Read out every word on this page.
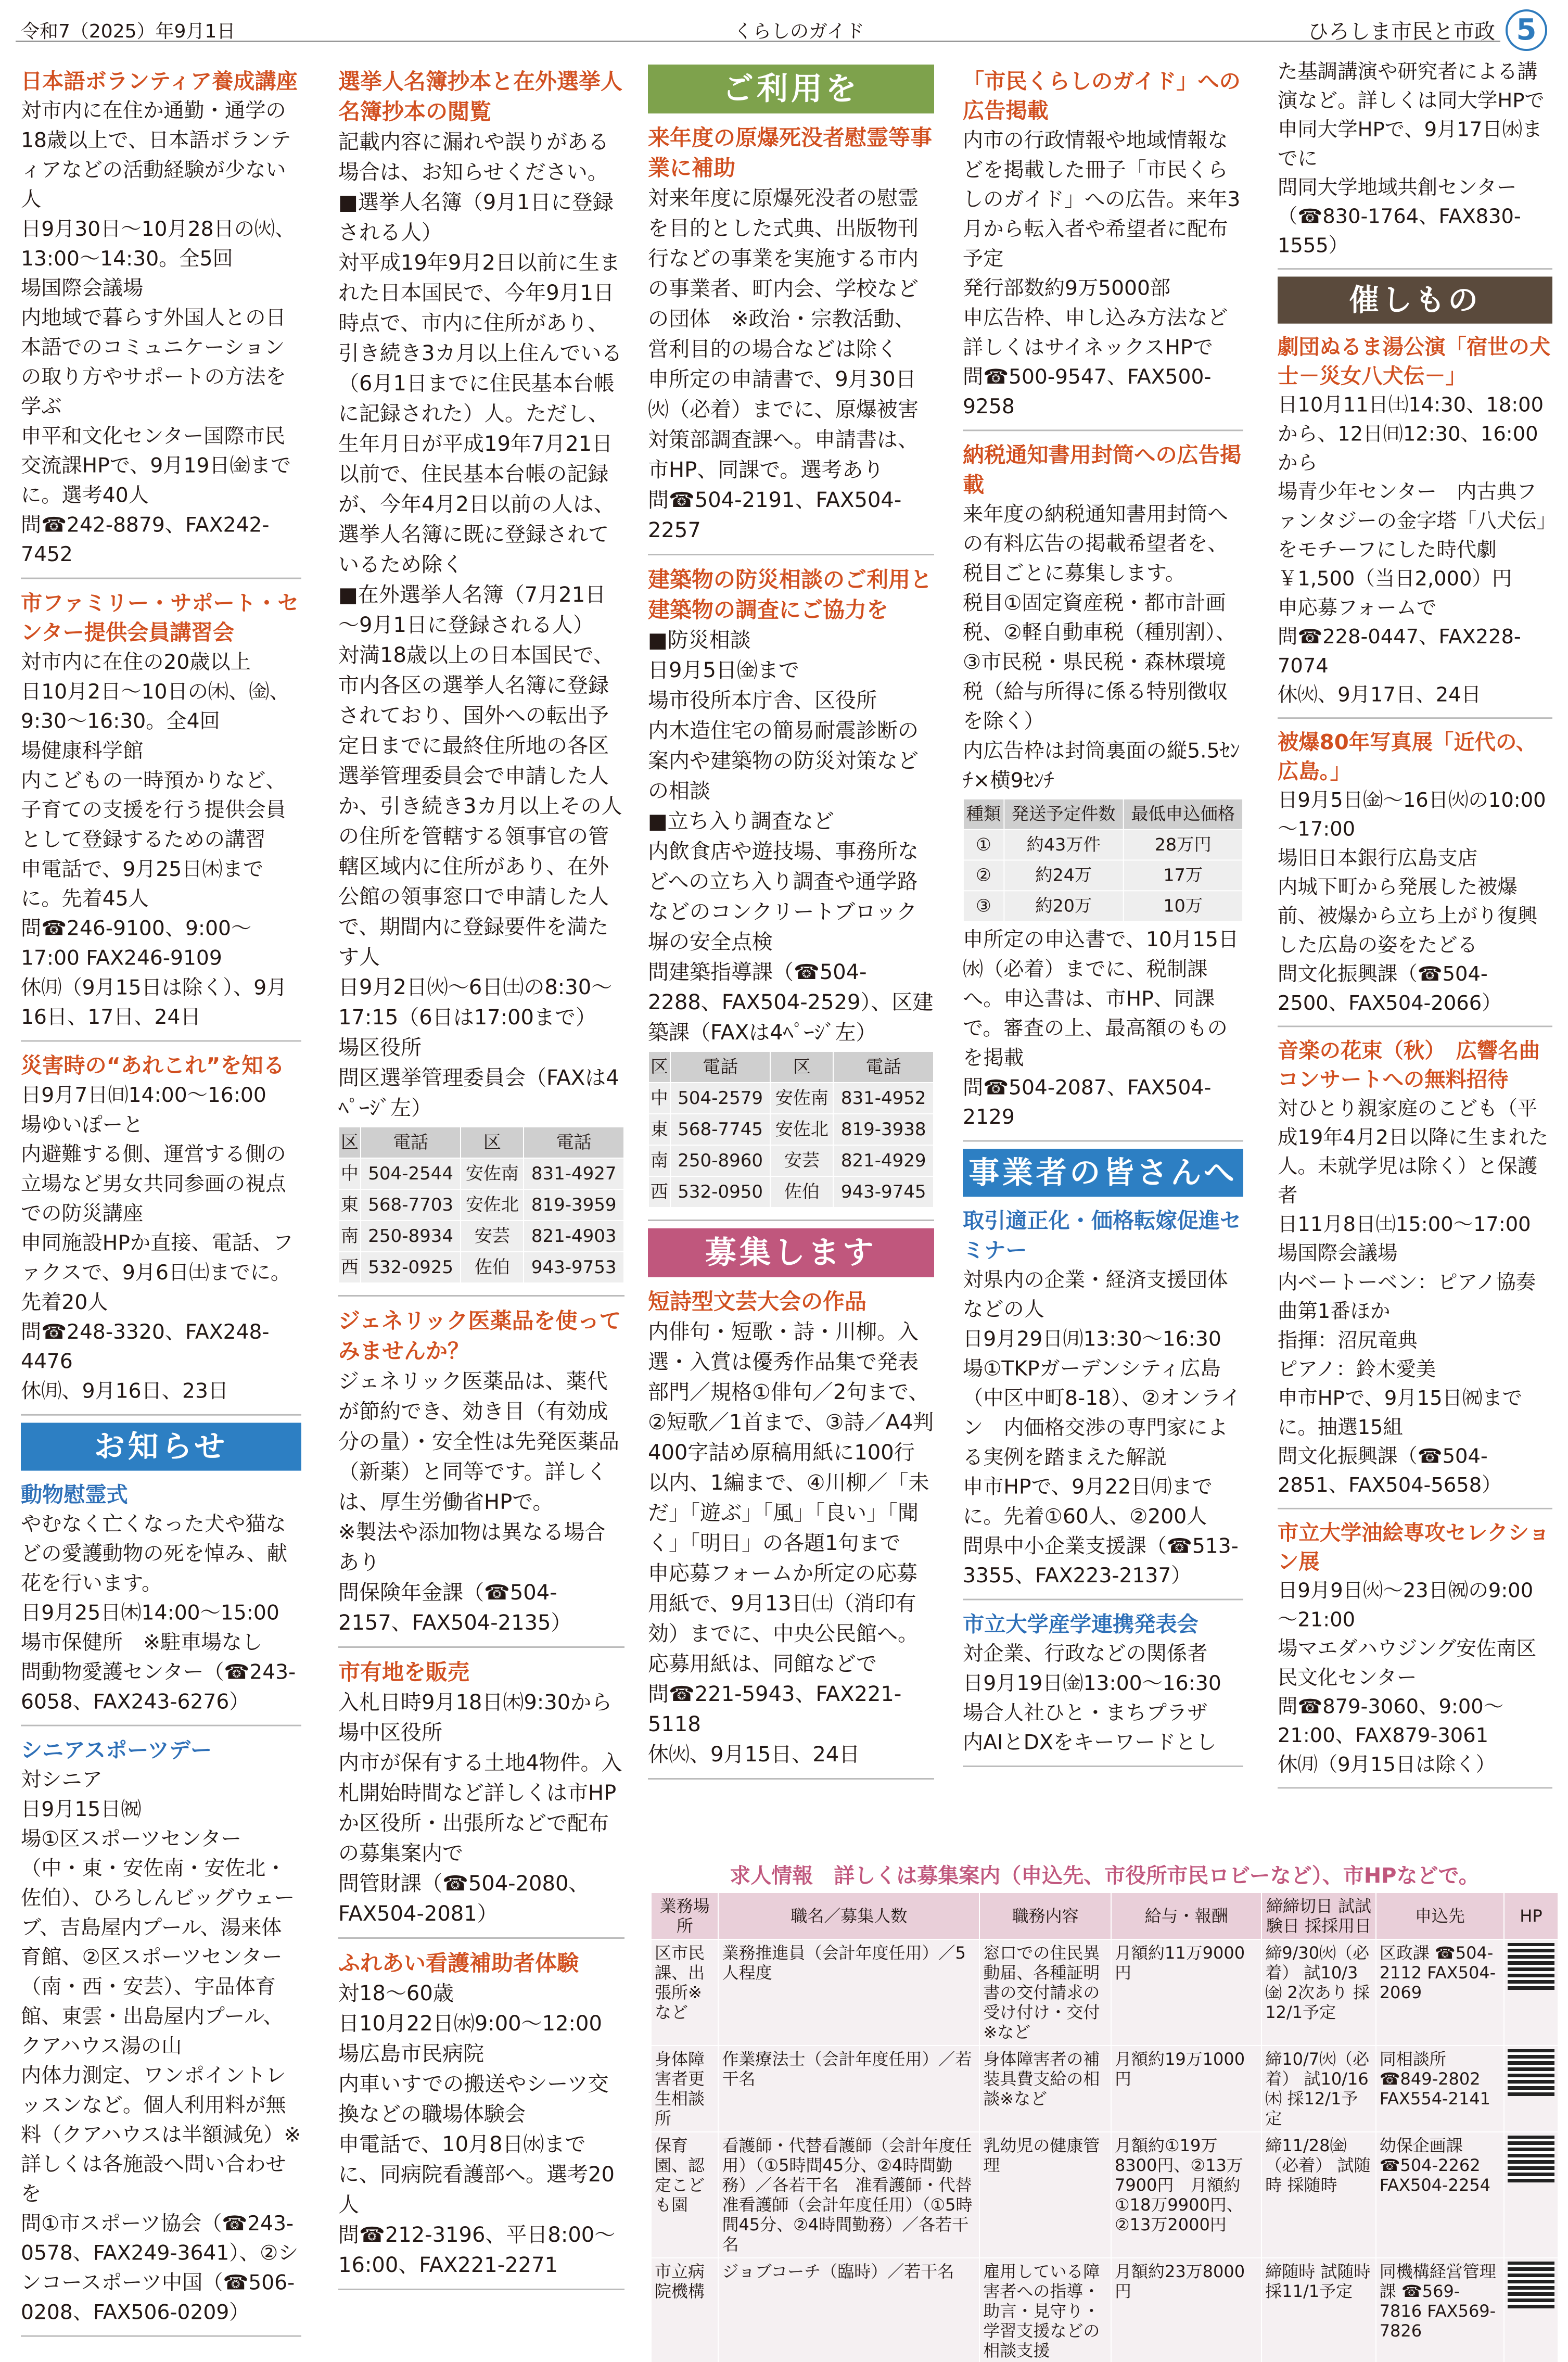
令和7（2025）年9月1日	くらしのガイド	ひろしま市民と市政 5
日本語ボランティア養成講座
対市内に在住か通勤・通学の18歳以上で、日本語ボランティアなどの活動経験が少ない人
日9月30日～10月28日の㈫、13:00～14:30。全5回
場国際会議場
内地域で暮らす外国人との日本語でのコミュニケーションの取り方やサポートの方法を学ぶ
申平和文化センター国際市民交流課HPで、9月19日㈮までに。選考40人
問☎242-8879、FAX242-7452
市ファミリー・サポート・センター提供会員講習会
対市内に在住の20歳以上
日10月2日～10日の㈭、㈮、9:30～16:30。全4回
場健康科学館
内こどもの一時預かりなど、子育ての支援を行う提供会員として登録するための講習
申電話で、9月25日㈭までに。先着45人
問☎246-9100、9:00～17:00 FAX246-9109
休㈪（9月15日は除く）、9月16日、17日、24日
災害時の“あれこれ”を知る
日9月7日㈰14:00～16:00
場ゆいぽーと
内避難する側、運営する側の立場など男女共同参画の視点での防災講座
申同施設HPか直接、電話、ファクスで、9月6日㈯までに。先着20人
問☎248-3320、FAX248-4476
休㈪、9月16日、23日
お知らせ
動物慰霊式
やむなく亡くなった犬や猫などの愛護動物の死を悼み、献花を行います。
日9月25日㈭14:00～15:00
場市保健所　※駐車場なし
問動物愛護センター（☎243-6058、FAX243-6276）
シニアスポーツデー
対シニア
日9月15日㈷
場①区スポーツセンター（中・東・安佐南・安佐北・佐伯）、ひろしんビッグウェーブ、吉島屋内プール、湯来体育館、②区スポーツセンター（南・西・安芸）、宇品体育館、東雲・出島屋内プール、クアハウス湯の山
内体力測定、ワンポイントレッスンなど。個人利用料が無料（クアハウスは半額減免）※詳しくは各施設へ問い合わせを
問①市スポーツ協会（☎243-0578、FAX249-3641）、②シンコースポーツ中国（☎506-0208、FAX506-0209）
選挙人名簿抄本と在外選挙人名簿抄本の閲覧
記載内容に漏れや誤りがある場合は、お知らせください。
■選挙人名簿（9月1日に登録される人）
対平成19年9月2日以前に生まれた日本国民で、今年9月1日時点で、市内に住所があり、引き続き3カ月以上住んでいる（6月1日までに住民基本台帳に記録された）人。ただし、生年月日が平成19年7月21日以前で、住民基本台帳の記録が、今年4月2日以前の人は、選挙人名簿に既に登録されているため除く
■在外選挙人名簿（7月21日～9月1日に登録される人）
対満18歳以上の日本国民で、市内各区の選挙人名簿に登録されており、国外への転出予定日までに最終住所地の各区選挙管理委員会で申請した人か、引き続き3カ月以上その人の住所を管轄する領事官の管轄区域内に住所があり、在外公館の領事窓口で申請した人で、期間内に登録要件を満たす人
日9月2日㈫～6日㈯の8:30～17:15（6日は17:00まで）
場区役所
問区選挙管理委員会（FAXは4ﾍﾟｰｼﾞ左）
区	電話	区	電話
中	504-2544	安佐南	831-4927
東	568-7703	安佐北	819-3959
南	250-8934	安芸	821-4903
西	532-0925	佐伯	943-9753
ジェネリック医薬品を使ってみませんか？
ジェネリック医薬品は、薬代が節約でき、効き目（有効成分の量）・安全性は先発医薬品（新薬）と同等です。詳しくは、厚生労働省HPで。
※製法や添加物は異なる場合あり
問保険年金課（☎504-2157、FAX504-2135）
市有地を販売
入札日時9月18日㈭9:30から
場中区役所
内市が保有する土地4物件。入札開始時間など詳しくは市HPか区役所・出張所などで配布の募集案内で
問管財課（☎504-2080、FAX504-2081）
ふれあい看護補助者体験
対18～60歳
日10月22日㈬9:00～12:00
場広島市民病院
内車いすでの搬送やシーツ交換などの職場体験会
申電話で、10月8日㈬までに、同病院看護部へ。選考20人
問☎212-3196、平日8:00～16:00、FAX221-2271
ご利用を
来年度の原爆死没者慰霊等事業に補助
対来年度に原爆死没者の慰霊を目的とした式典、出版物刊行などの事業を実施する市内の事業者、町内会、学校などの団体　※政治・宗教活動、営利目的の場合などは除く
申所定の申請書で、9月30日㈫（必着）までに、原爆被害対策部調査課へ。申請書は、市HP、同課で。選考あり
問☎504-2191、FAX504-2257
建築物の防災相談のご利用と建築物の調査にご協力を
■防災相談
日9月5日㈮まで
場市役所本庁舎、区役所
内木造住宅の簡易耐震診断の案内や建築物の防災対策などの相談
■立ち入り調査など
内飲食店や遊技場、事務所などへの立ち入り調査や通学路などのコンクリートブロック塀の安全点検
問建築指導課（☎504-2288、FAX504-2529）、区建築課（FAXは4ﾍﾟｰｼﾞ左）
区	電話	区	電話
中	504-2579	安佐南	831-4952
東	568-7745	安佐北	819-3938
南	250-8960	安芸	821-4929
西	532-0950	佐伯	943-9745
募集します
短詩型文芸大会の作品
内俳句・短歌・詩・川柳。入選・入賞は優秀作品集で発表
部門／規格①俳句／2句まで、②短歌／1首まで、③詩／A4判400字詰め原稿用紙に100行以内、1編まで、④川柳／「未だ」「遊ぶ」「風」「良い」「聞く」「明日」の各題1句まで
申応募フォームか所定の応募用紙で、9月13日㈯（消印有効）までに、中央公民館へ。応募用紙は、同館などで
問☎221-5943、FAX221-5118
休㈫、9月15日、24日
「市民くらしのガイド」への広告掲載
内市の行政情報や地域情報などを掲載した冊子「市民くらしのガイド」への広告。来年3月から転入者や希望者に配布予定
発行部数約9万5000部
申広告枠、申し込み方法など詳しくはサイネックスHPで
問☎500-9547、FAX500-9258
納税通知書用封筒への広告掲載
来年度の納税通知書用封筒への有料広告の掲載希望者を、税目ごとに募集します。
税目①固定資産税・都市計画税、②軽自動車税（種別割）、③市民税・県民税・森林環境税（給与所得に係る特別徴収を除く）
内広告枠は封筒裏面の縦5.5ｾﾝﾁ×横9ｾﾝﾁ
種類	発送予定件数	最低申込価格
①	約43万件	28万円
②	約24万	17万
③	約20万	10万
申所定の申込書で、10月15日㈬（必着）までに、税制課へ。申込書は、市HP、同課で。審査の上、最高額のものを掲載
問☎504-2087、FAX504-2129
事業者の皆さんへ
取引適正化・価格転嫁促進セミナー
対県内の企業・経済支援団体などの人
日9月29日㈪13:30～16:30
場①TKPガーデンシティ広島（中区中町8-18）、②オンライン　内価格交渉の専門家による実例を踏まえた解説
申市HPで、9月22日㈪までに。先着①60人、②200人
問県中小企業支援課（☎513-3355、FAX223-2137）
市立大学産学連携発表会
対企業、行政などの関係者
日9月19日㈮13:00～16:30
場合人社ひと・まちプラザ
内AIとDXをキーワードとし
た基調講演や研究者による講演など。詳しくは同大学HPで
申同大学HPで、9月17日㈬までに
問同大学地域共創センター（☎830-1764、FAX830-1555）
催しもの
劇団ぬるま湯公演「宿世の犬士－災女八犬伝－」
日10月11日㈯14:30、18:00から、12日㈰12:30、16:00から
場青少年センター　内古典ファンタジーの金字塔「八犬伝」をモチーフにした時代劇
￥1,500（当日2,000）円
申応募フォームで
問☎228-0447、FAX228-7074
休㈫、9月17日、24日
被爆80年写真展「近代の、広島。」
日9月5日㈮～16日㈫の10:00～17:00
場旧日本銀行広島支店
内城下町から発展した被爆前、被爆から立ち上がり復興した広島の姿をたどる
問文化振興課（☎504-2500、FAX504-2066）
音楽の花束（秋）　広響名曲コンサートへの無料招待
対ひとり親家庭のこども（平成19年4月2日以降に生まれた人。未就学児は除く）と保護者
日11月8日㈯15:00～17:00
場国際会議場
内ベートーベン：ピアノ協奏曲第1番ほか
指揮：沼尻竜典
ピアノ：鈴木愛美
申市HPで、9月15日㈷までに。抽選15組
問文化振興課（☎504-2851、FAX504-5658）
市立大学油絵専攻セレクション展
日9月9日㈫～23日㈷の9:00～21:00
場マエダハウジング安佐南区民文化センター
問☎879-3060、9:00～21:00、FAX879-3061
休㈪（9月15日は除く）
求人情報　詳しくは募集案内（申込先、市役所市民ロビーなど）、市HPなどで。
業務場所	職名／募集人数	職務内容	給与・報酬	締締切日 試試験日 採採用日	申込先	HP
区市民課、出張所※など	業務推進員（会計年度任用）／5人程度	窓口での住民異動届、各種証明書の交付請求の受け付け・交付※など	月額約11万9000円	締9/30㈫（必着） 試10/3㈮ 2次あり 採12/1予定	区政課 ☎504-2112 FAX504-2069	

身体障害者更生相談所	作業療法士（会計年度任用）／若干名	身体障害者の補装具費支給の相談※など	月額約19万1000円	締10/7㈫（必着） 試10/16㈭ 採12/1予定	同相談所 ☎849-2802 FAX554-2141	

保育園、認定こども園	看護師・代替看護師（会計年度任用）（①5時間45分、②4時間勤務）／各若干名　准看護師・代替准看護師（会計年度任用）（①5時間45分、②4時間勤務）／各若干名	乳幼児の健康管理	月額約①19万8300円、②13万7900円　月額約①18万9900円、②13万2000円	締11/28㈮（必着） 試随時 採随時	幼保企画課 ☎504-2262 FAX504-2254	

市立病院機構	ジョブコーチ（臨時）／若干名	雇用している障害者への指導・助言・見守り・学習支援などの相談支援	月額約23万8000円	締随時 試随時 採11/1予定	同機構経営管理課 ☎569-7816 FAX569-7826	
